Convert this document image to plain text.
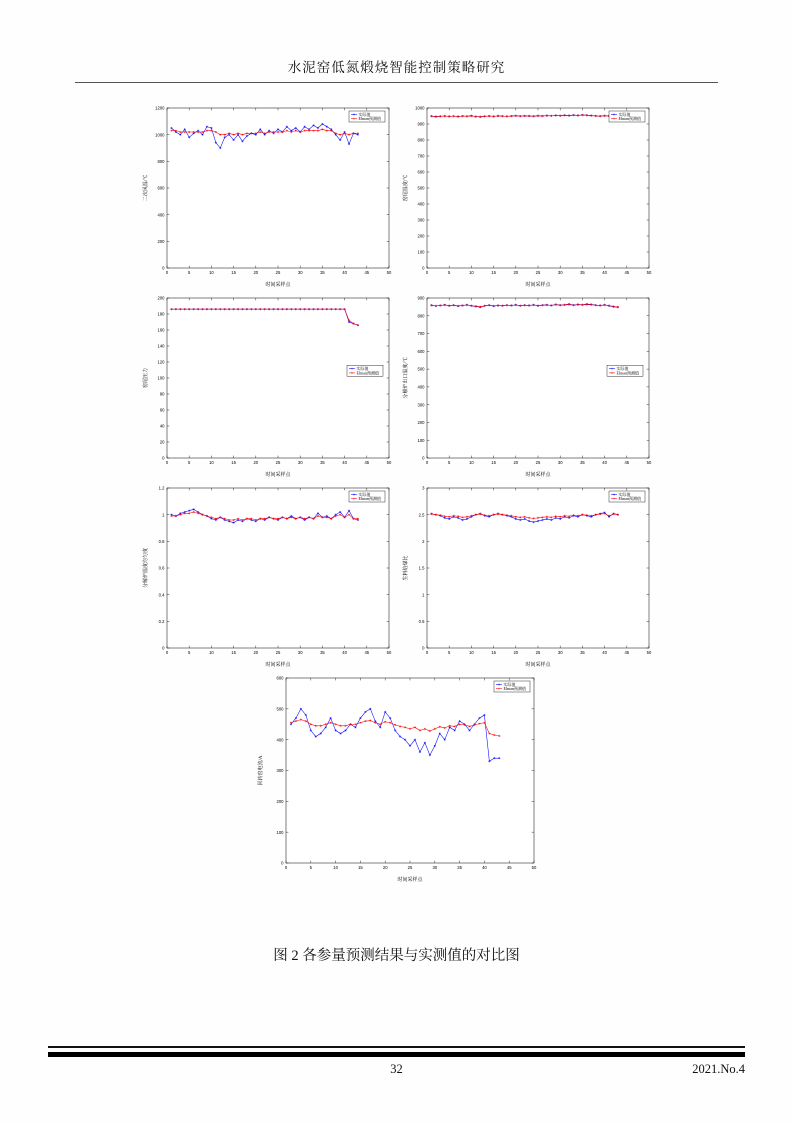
水泥窑低氮煅烧智能控制策略研究
0	5	10	15	20	25	30	35	40	45	50
0
200
400
600
800
1000
1200
时间采样点
二次风温/℃
实际值
Elman预测值
0	5	10	15	20	25	30	35	40	45	50
0
100
200
300
400
500
600
700
800
900
1000
时间采样点
窑尾温度/℃
实际值
Elman预测值
0	5	10	15	20	25	30	35	40	45	50
0
20
40
60
80
100
120
140
160
180
200
时间采样点
窑尾压力	实际值
Elman预测值
0	5	10	15	20	25	30	35	40	45	50
0
100
200
300
400
500
600
700
800
900
时间采样点
分解炉出口温度/℃	实际值
Elman预测值
0	5	10	15	20	25	30	35	40	45	50
0
0.2
0.4
0.6
0.8
1
1.2
时间采样点
分解炉温度均匀度
实际值
Elman预测值
0	5	10	15	20	25	30	35	40	45	50
0
0.5
1
1.5
2
2.5
3
时间采样点
生料给煤比
实际值
Elman预测值
0	5	10	15	20	25	30	35	40	45	50
0
100
200
300
400
500
600
时间采样点
回转窑电流/A
实际值
Elman预测值
图 2 各参量预测结果与实测值的对比图
32	2021.No.4
